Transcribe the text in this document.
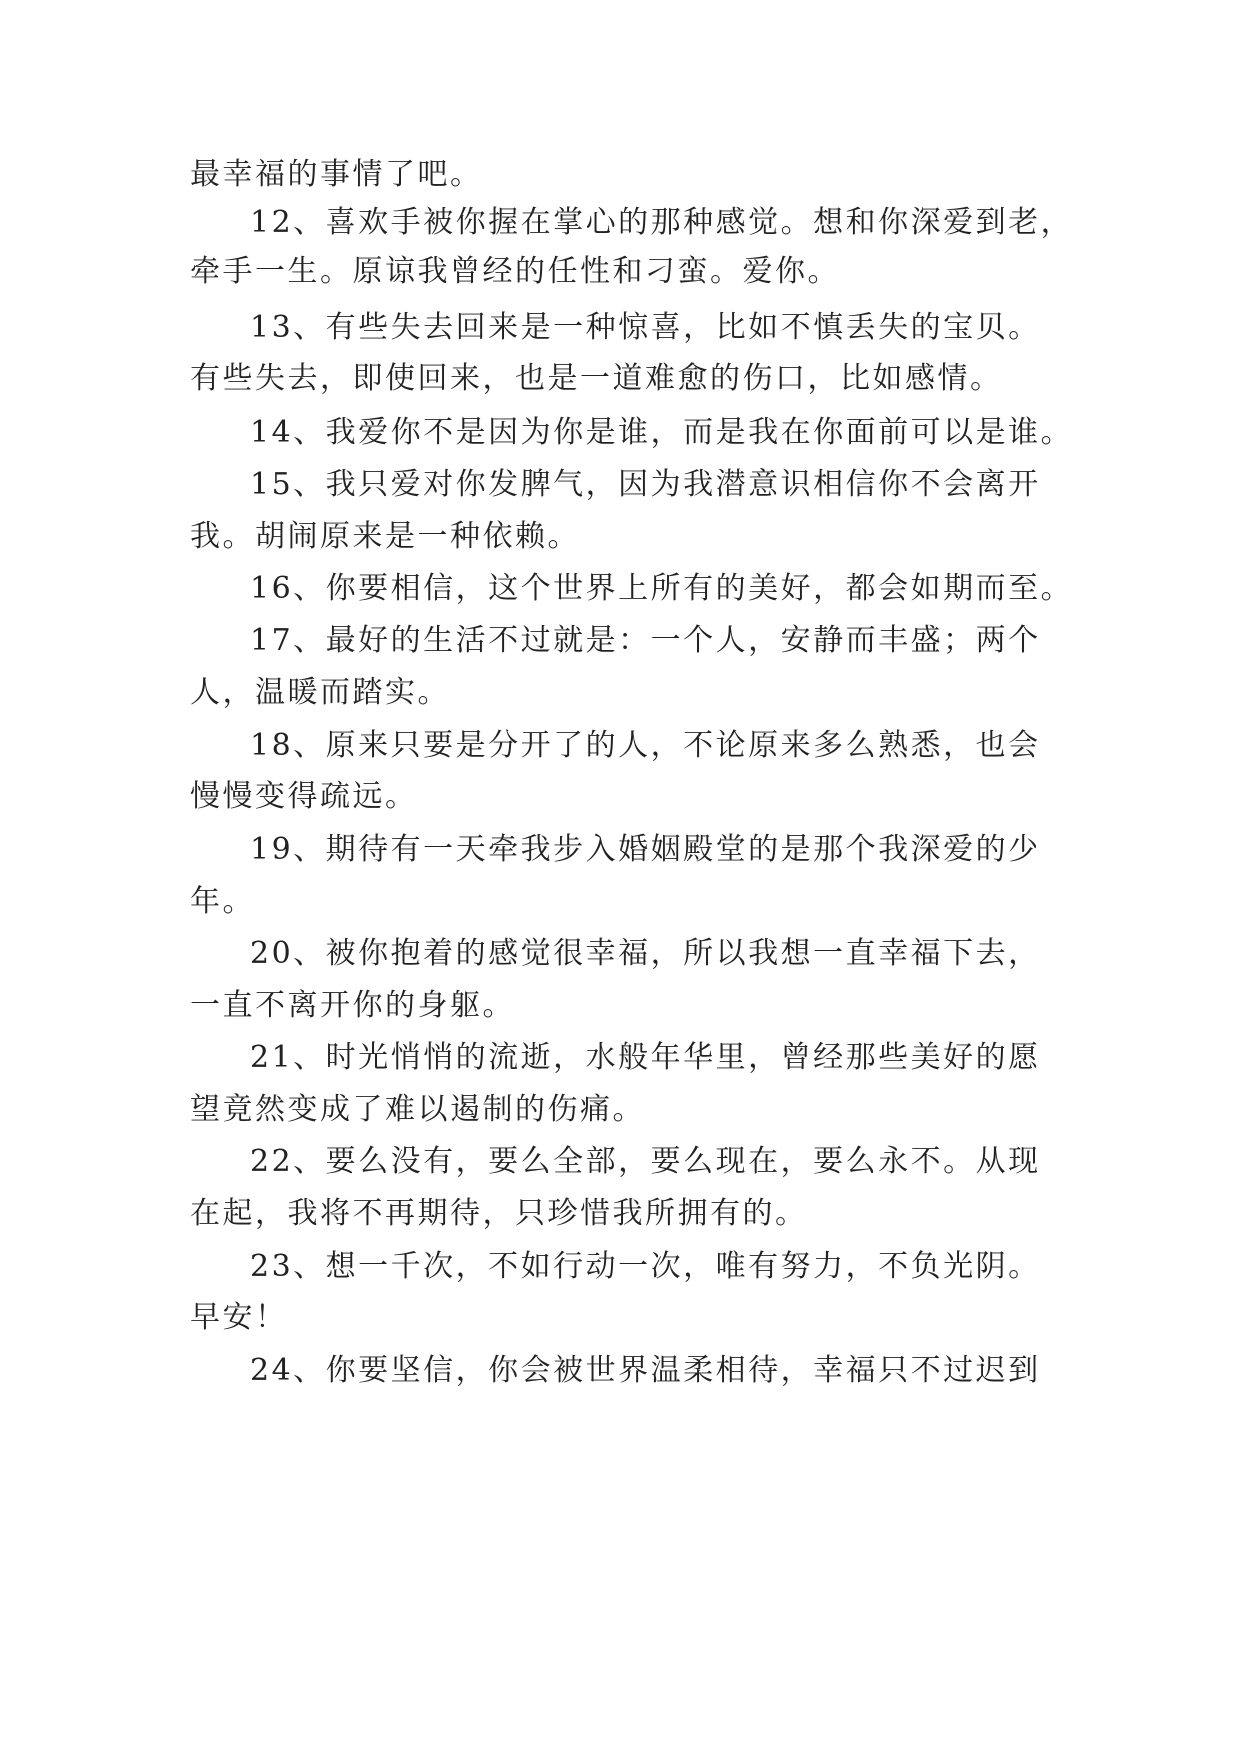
最幸福的事情了吧。
12、喜欢手被你握在掌心的那种感觉。想和你深爱到老，
牵手一生。原谅我曾经的任性和刁蛮。爱你。
13、有些失去回来是一种惊喜，比如不慎丢失的宝贝。
有些失去，即使回来，也是一道难愈的伤口，比如感情。
14、我爱你不是因为你是谁，而是我在你面前可以是谁。
15、我只爱对你发脾气，因为我潜意识相信你不会离开
我。胡闹原来是一种依赖。
16、你要相信，这个世界上所有的美好，都会如期而至。
17、最好的生活不过就是：一个人，安静而丰盛；两个
人，温暖而踏实。
18、原来只要是分开了的人，不论原来多么熟悉，也会
慢慢变得疏远。
19、期待有一天牵我步入婚姻殿堂的是那个我深爱的少
年。
20、被你抱着的感觉很幸福，所以我想一直幸福下去，
一直不离开你的身躯。
21、时光悄悄的流逝，水般年华里，曾经那些美好的愿
望竟然变成了难以遏制的伤痛。
22、要么没有，要么全部，要么现在，要么永不。从现
在起，我将不再期待，只珍惜我所拥有的。
23、想一千次，不如行动一次，唯有努力，不负光阴。
早安！
24、你要坚信，你会被世界温柔相待，幸福只不过迟到
